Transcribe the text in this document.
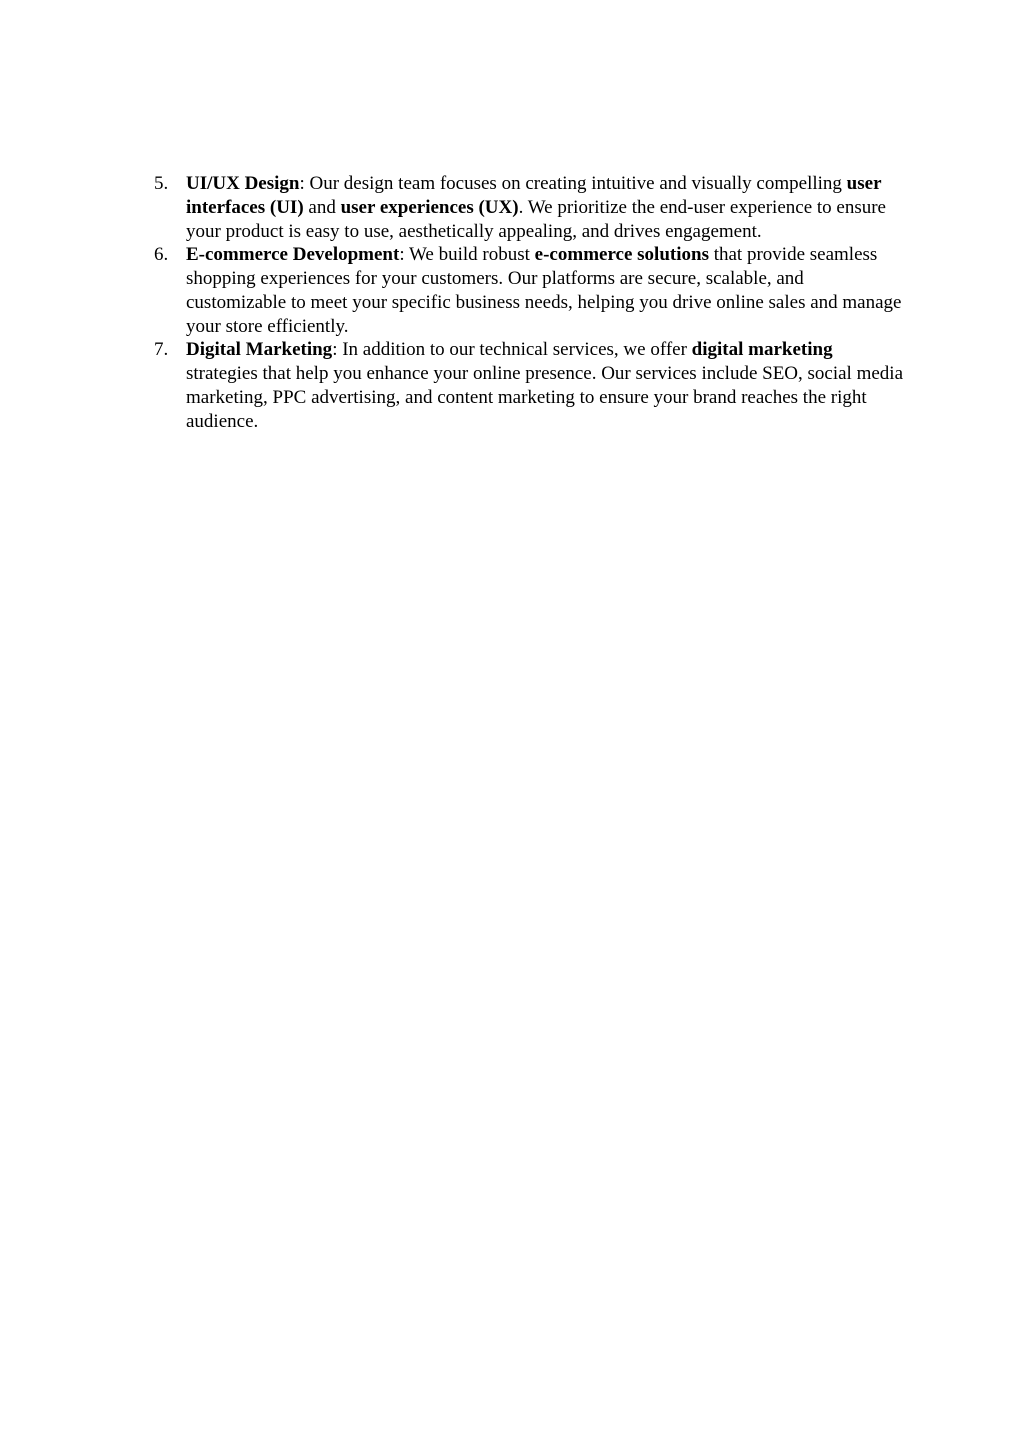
5. UI/UX Design: Our design team focuses on creating intuitive and visually compelling user interfaces (UI) and user experiences (UX). We prioritize the end-user experience to ensure your product is easy to use, aesthetically appealing, and drives engagement.
6. E-commerce Development: We build robust e-commerce solutions that provide seamless shopping experiences for your customers. Our platforms are secure, scalable, and customizable to meet your specific business needs, helping you drive online sales and manage your store efficiently.
7. Digital Marketing: In addition to our technical services, we offer digital marketing strategies that help you enhance your online presence. Our services include SEO, social media marketing, PPC advertising, and content marketing to ensure your brand reaches the right audience.
